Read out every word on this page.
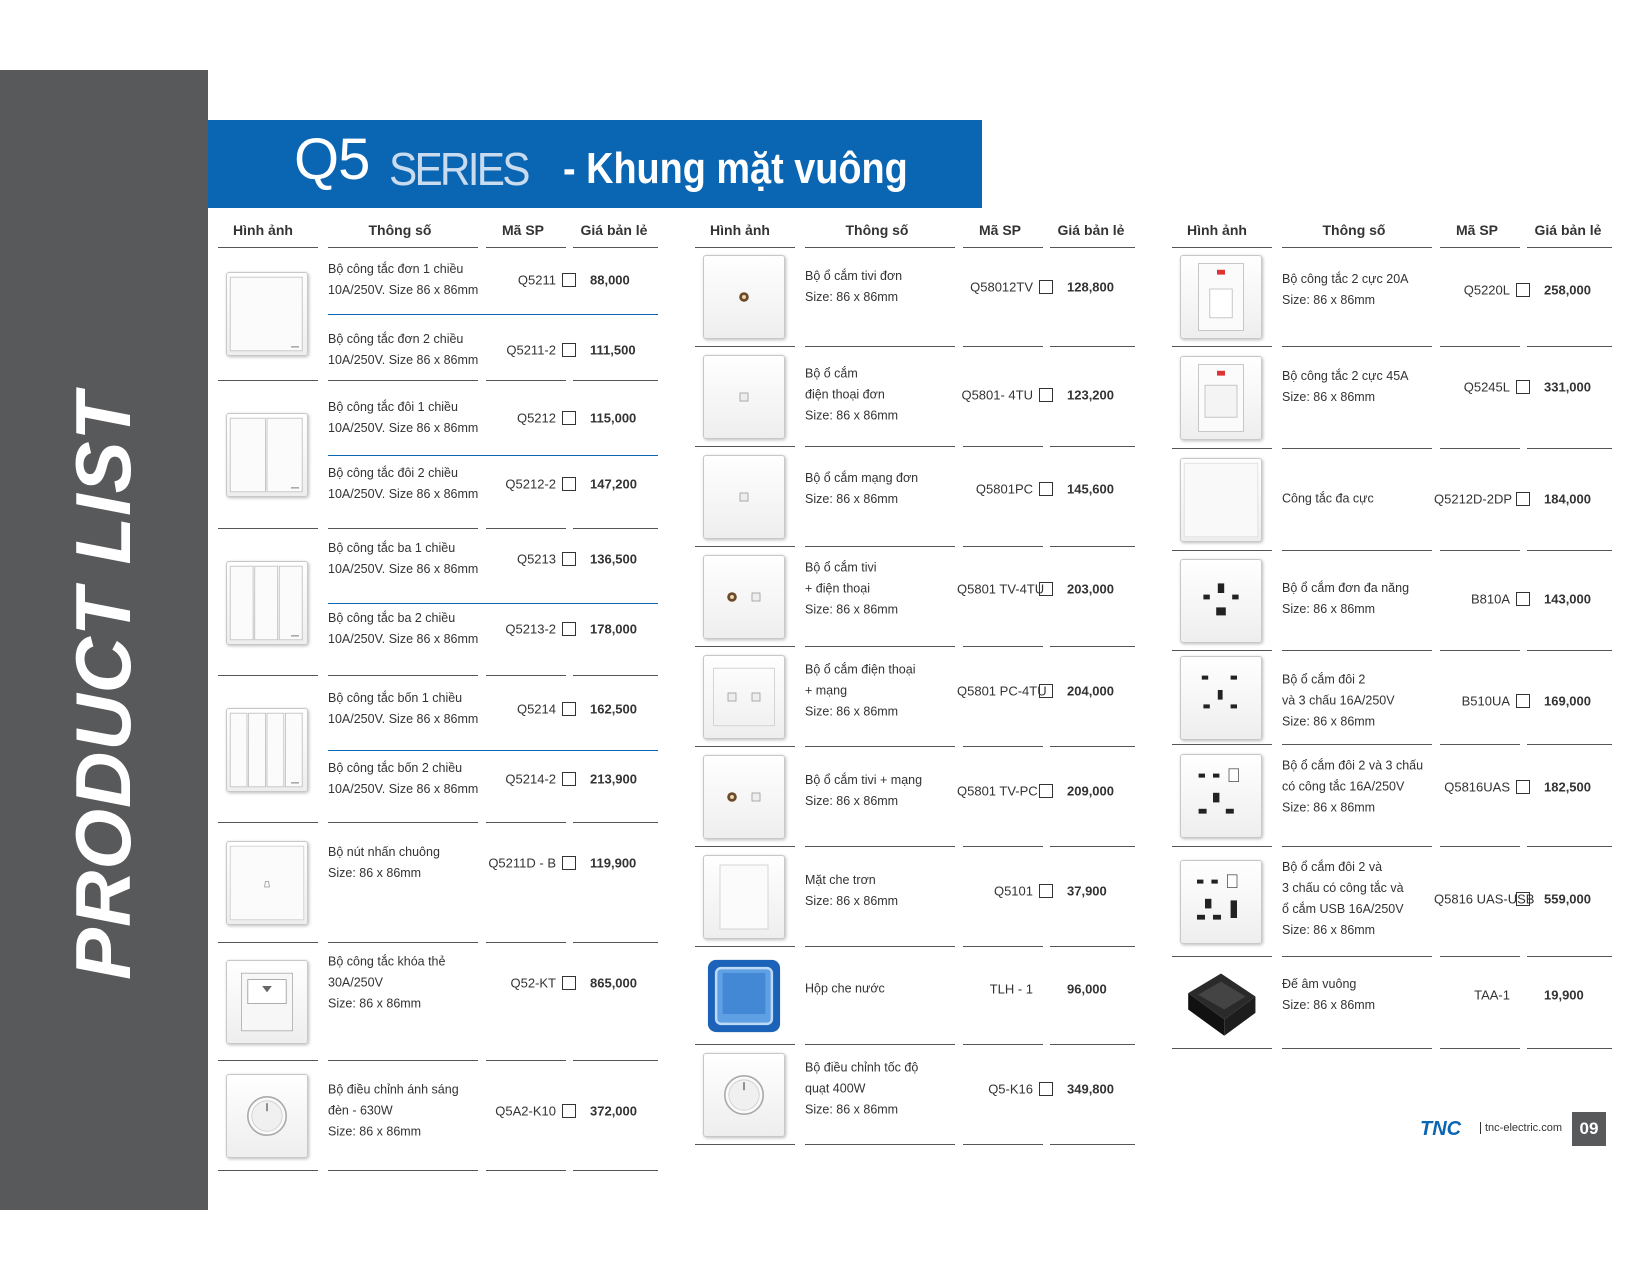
PRODUCT LIST
Q5 SERIES - Khung mặt vuông
Hình ảnh	Thông số	Mã SP	Giá bản lẻ
Bộ công tắc đơn 1 chiều
10A/250V. Size 86 x 86mm
Q5211	88,000
Bộ công tắc đơn 2 chiều
10A/250V. Size 86 x 86mm
Q5211-2	111,500
Bộ công tắc đôi 1 chiều
10A/250V. Size 86 x 86mm
Q5212	115,000
Bộ công tắc đôi 2 chiều
10A/250V. Size 86 x 86mm
Q5212-2	147,200
Bộ công tắc ba 1 chiều
10A/250V. Size 86 x 86mm
Q5213	136,500
Bộ công tắc ba 2 chiều
10A/250V. Size 86 x 86mm
Q5213-2	178,000
Bộ công tắc bốn 1 chiều
10A/250V. Size 86 x 86mm
Q5214	162,500
Bộ công tắc bốn 2 chiều
10A/250V. Size 86 x 86mm
Q5214-2	213,900
Bộ nút nhấn chuông
Size: 86 x 86mm
Q5211D - B	119,900
Bộ công tắc khóa thẻ
30A/250V
Size: 86 x 86mm
Q52-KT	865,000
Bộ điều chỉnh ánh sáng
đèn - 630W
Size: 86 x 86mm
Q5A2-K10	372,000
Hình ảnh	Thông số	Mã SP	Giá bản lẻ
Bộ ổ cắm tivi đơn
Size: 86 x 86mm
Q58012TV	128,800
Bộ ổ cắm
điện thoại đơn
Size: 86 x 86mm
Q5801- 4TU	123,200
Bộ ổ cắm mạng đơn
Size: 86 x 86mm
Q5801PC	145,600
Bộ ổ cắm tivi
+ điện thoại
Size: 86 x 86mm
Q5801 TV-4TU	203,000
Bộ ổ cắm điện thoại
+ mạng
Size: 86 x 86mm
Q5801 PC-4TU	204,000
Bộ ổ cắm tivi + mạng
Size: 86 x 86mm
Q5801 TV-PC	209,000
Mặt che trơn
Size: 86 x 86mm
Q5101	37,900
Hộp che nước	TLH - 1	96,000
Bộ điều chỉnh tốc độ
quạt 400W
Size: 86 x 86mm
Q5-K16	349,800
Hình ảnh	Thông số	Mã SP	Giá bản lẻ
Bộ công tắc 2 cực 20A
Size: 86 x 86mm
Q5220L	258,000
Bộ công tắc 2 cực 45A
Size: 86 x 86mm
Q5245L	331,000
Công tắc đa cực	Q5212D-2DP	184,000
Bộ ổ cắm đơn đa năng
Size: 86 x 86mm
B810A	143,000
Bộ ổ cắm đôi 2
và 3 chấu 16A/250V
Size: 86 x 86mm
B510UA	169,000
Bộ ổ cắm đôi 2 và 3 chấu
có công tắc 16A/250V
Size: 86 x 86mm
Q5816UAS	182,500
Bộ ổ cắm đôi 2 và
3 chấu có công tắc và
ổ cắm USB 16A/250V
Size: 86 x 86mm
Q5816 UAS-USB 559,000
Đế âm vuông
Size: 86 x 86mm
TAA-1	19,900
TNC	tnc-electric.com	09
